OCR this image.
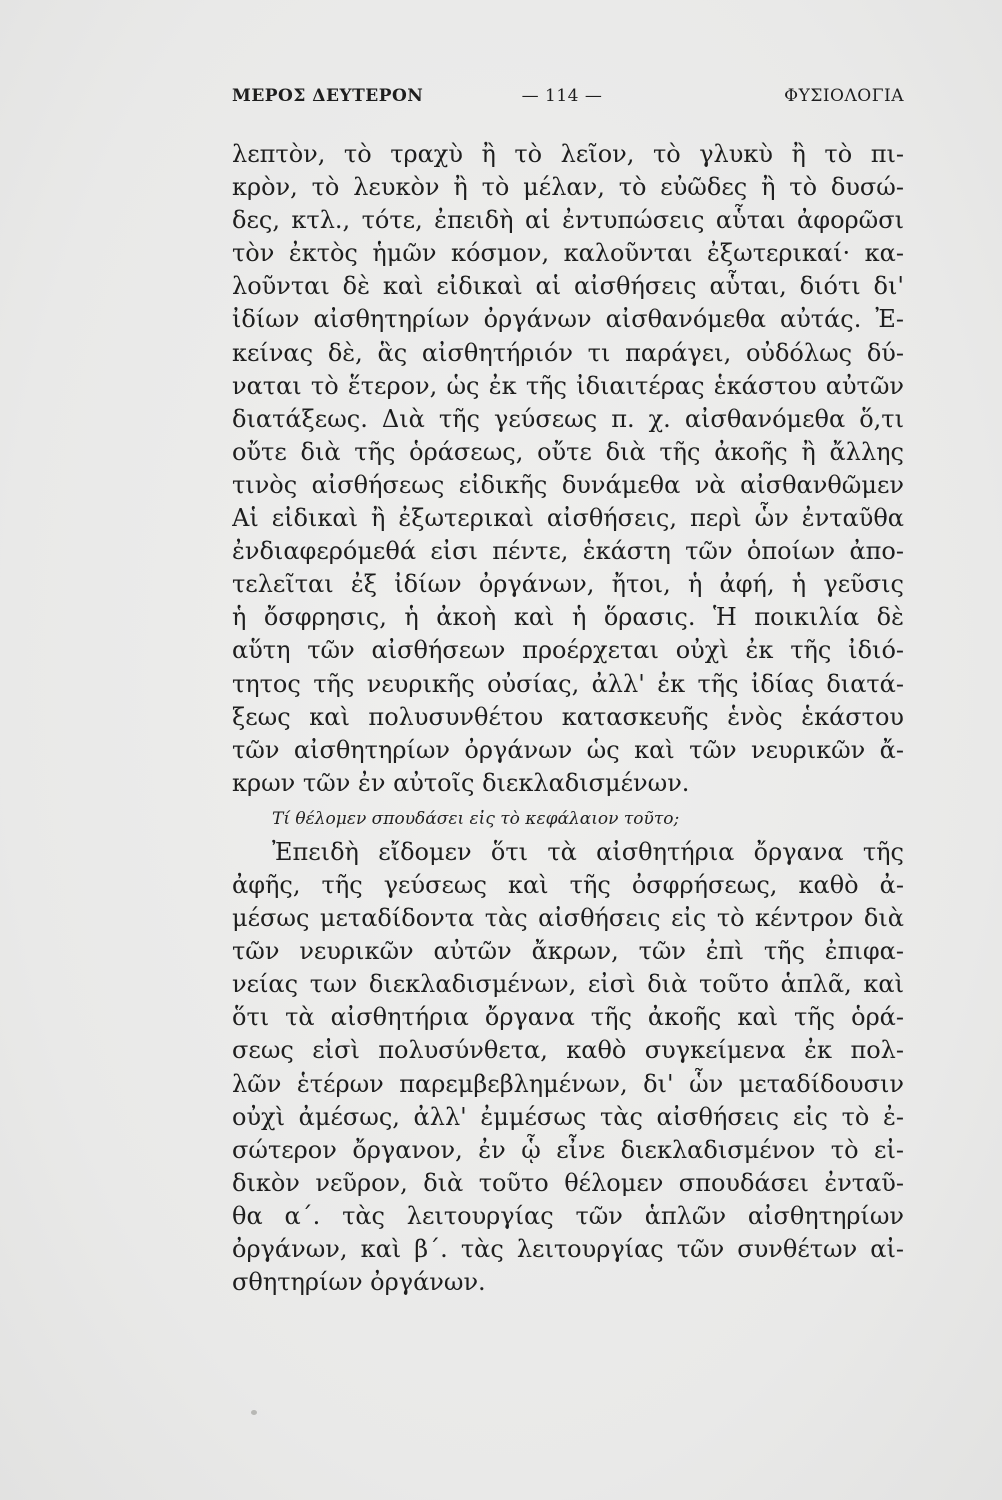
ΜΕΡΟΣ ΔΕΥΤΕΡΟΝ	— 114 —	ΦΥΣΙΟΛΟΓΙΑ
λεπτὸν, τὸ τραχὺ ἢ τὸ λεῖον, τὸ γλυκὺ ἢ τὸ πι-
κρὸν, τὸ λευκὸν ἢ τὸ μέλαν, τὸ εὐῶδες ἢ τὸ δυσώ-
δες, κτλ., τότε, ἐπειδὴ αἱ ἐντυπώσεις αὗται ἀφορῶσι
τὸν ἐκτὸς ἡμῶν κόσμον, καλοῦνται ἐξωτερικαί· κα-
λοῦνται δὲ καὶ εἰδικαὶ αἱ αἰσθήσεις αὗται, διότι δι'
ἰδίων αἰσθητηρίων ὀργάνων αἰσθανόμεθα αὐτάς. Ἐ-
κείνας δὲ, ἃς αἰσθητήριόν τι παράγει, οὐδόλως δύ-
ναται τὸ ἕτερον, ὡς ἐκ τῆς ἰδιαιτέρας ἑκάστου αὐτῶν
διατάξεως. Διὰ τῆς γεύσεως π. χ. αἰσθανόμεθα ὅ,τι
οὔτε διὰ τῆς ὁράσεως, οὔτε διὰ τῆς ἀκοῆς ἢ ἄλλης
τινὸς αἰσθήσεως εἰδικῆς δυνάμεθα νὰ αἰσθανθῶμεν
Αἱ εἰδικαὶ ἢ ἐξωτερικαὶ αἰσθήσεις, περὶ ὧν ἐνταῦθα
ἐνδιαφερόμεθά εἰσι πέντε, ἑκάστη τῶν ὁποίων ἀπο-
τελεῖται ἐξ ἰδίων ὀργάνων, ἤτοι, ἡ ἀφή, ἡ γεῦσις
ἡ ὄσφρησις, ἡ ἀκοὴ καὶ ἡ ὅρασις. Ἡ ποικιλία δὲ
αὕτη τῶν αἰσθήσεων προέρχεται οὐχὶ ἐκ τῆς ἰδιό-
τητος τῆς νευρικῆς οὐσίας, ἀλλ' ἐκ τῆς ἰδίας διατά-
ξεως καὶ πολυσυνθέτου κατασκευῆς ἑνὸς ἑκάστου
τῶν αἰσθητηρίων ὀργάνων ὡς καὶ τῶν νευρικῶν ἄ-
κρων τῶν ἐν αὐτοῖς διεκλαδισμένων.
Τί θέλομεν σπουδάσει εἰς τὸ κεφάλαιον τοῦτο;
Ἐπειδὴ εἴδομεν ὅτι τὰ αἰσθητήρια ὄργανα τῆς
ἀφῆς, τῆς γεύσεως καὶ τῆς ὀσφρήσεως, καθὸ ἀ-
μέσως μεταδίδοντα τὰς αἰσθήσεις εἰς τὸ κέντρον διὰ
τῶν νευρικῶν αὐτῶν ἄκρων, τῶν ἐπὶ τῆς ἐπιφα-
νείας των διεκλαδισμένων, εἰσὶ διὰ τοῦτο ἁπλᾶ, καὶ
ὅτι τὰ αἰσθητήρια ὄργανα τῆς ἀκοῆς καὶ τῆς ὁρά-
σεως εἰσὶ πολυσύνθετα, καθὸ συγκείμενα ἐκ πολ-
λῶν ἑτέρων παρεμβεβλημένων, δι' ὧν μεταδίδουσιν
οὐχὶ ἀμέσως, ἀλλ' ἐμμέσως τὰς αἰσθήσεις εἰς τὸ ἐ-
σώτερον ὄργανον, ἐν ᾧ εἶνε διεκλαδισμένον τὸ εἰ-
δικὸν νεῦρον, διὰ τοῦτο θέλομεν σπουδάσει ἐνταῦ-
θα α΄. τὰς λειτουργίας τῶν ἁπλῶν αἰσθητηρίων
ὀργάνων, καὶ β΄. τὰς λειτουργίας τῶν συνθέτων αἰ-
σθητηρίων ὀργάνων.
